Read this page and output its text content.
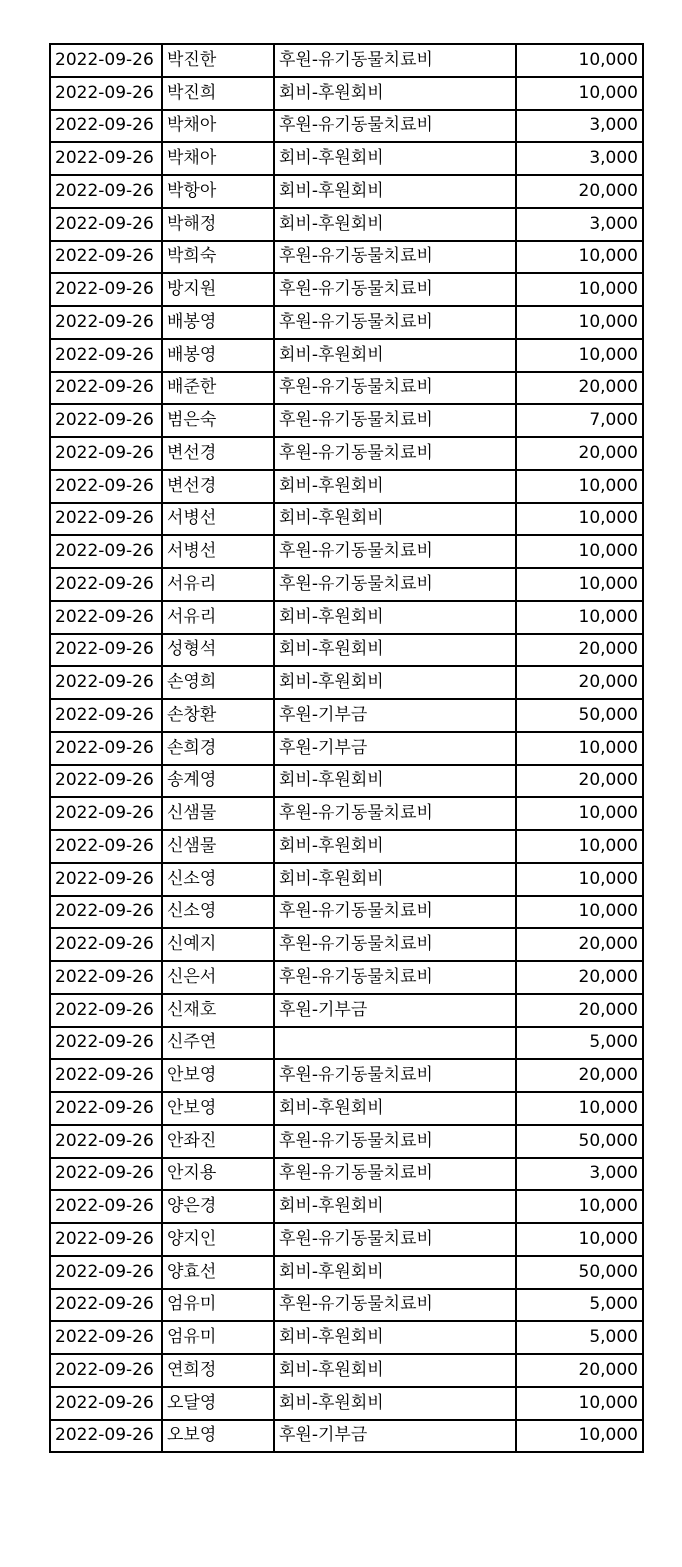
2022-09-26	박진한	후원-유기동물치료비	10,000
2022-09-26	박진희	회비-후원회비	10,000
2022-09-26	박채아	후원-유기동물치료비	3,000
2022-09-26	박채아	회비-후원회비	3,000
2022-09-26	박항아	회비-후원회비	20,000
2022-09-26	박해정	회비-후원회비	3,000
2022-09-26	박희숙	후원-유기동물치료비	10,000
2022-09-26	방지원	후원-유기동물치료비	10,000
2022-09-26	배봉영	후원-유기동물치료비	10,000
2022-09-26	배봉영	회비-후원회비	10,000
2022-09-26	배준한	후원-유기동물치료비	20,000
2022-09-26	범은숙	후원-유기동물치료비	7,000
2022-09-26	변선경	후원-유기동물치료비	20,000
2022-09-26	변선경	회비-후원회비	10,000
2022-09-26	서병선	회비-후원회비	10,000
2022-09-26	서병선	후원-유기동물치료비	10,000
2022-09-26	서유리	후원-유기동물치료비	10,000
2022-09-26	서유리	회비-후원회비	10,000
2022-09-26	성형석	회비-후원회비	20,000
2022-09-26	손영희	회비-후원회비	20,000
2022-09-26	손창환	후원-기부금	50,000
2022-09-26	손희경	후원-기부금	10,000
2022-09-26	송계영	회비-후원회비	20,000
2022-09-26	신샘물	후원-유기동물치료비	10,000
2022-09-26	신샘물	회비-후원회비	10,000
2022-09-26	신소영	회비-후원회비	10,000
2022-09-26	신소영	후원-유기동물치료비	10,000
2022-09-26	신예지	후원-유기동물치료비	20,000
2022-09-26	신은서	후원-유기동물치료비	20,000
2022-09-26	신재호	후원-기부금	20,000
2022-09-26	신주연		5,000
2022-09-26	안보영	후원-유기동물치료비	20,000
2022-09-26	안보영	회비-후원회비	10,000
2022-09-26	안좌진	후원-유기동물치료비	50,000
2022-09-26	안지용	후원-유기동물치료비	3,000
2022-09-26	양은경	회비-후원회비	10,000
2022-09-26	양지인	후원-유기동물치료비	10,000
2022-09-26	양효선	회비-후원회비	50,000
2022-09-26	엄유미	후원-유기동물치료비	5,000
2022-09-26	엄유미	회비-후원회비	5,000
2022-09-26	연희정	회비-후원회비	20,000
2022-09-26	오달영	회비-후원회비	10,000
2022-09-26	오보영	후원-기부금	10,000
